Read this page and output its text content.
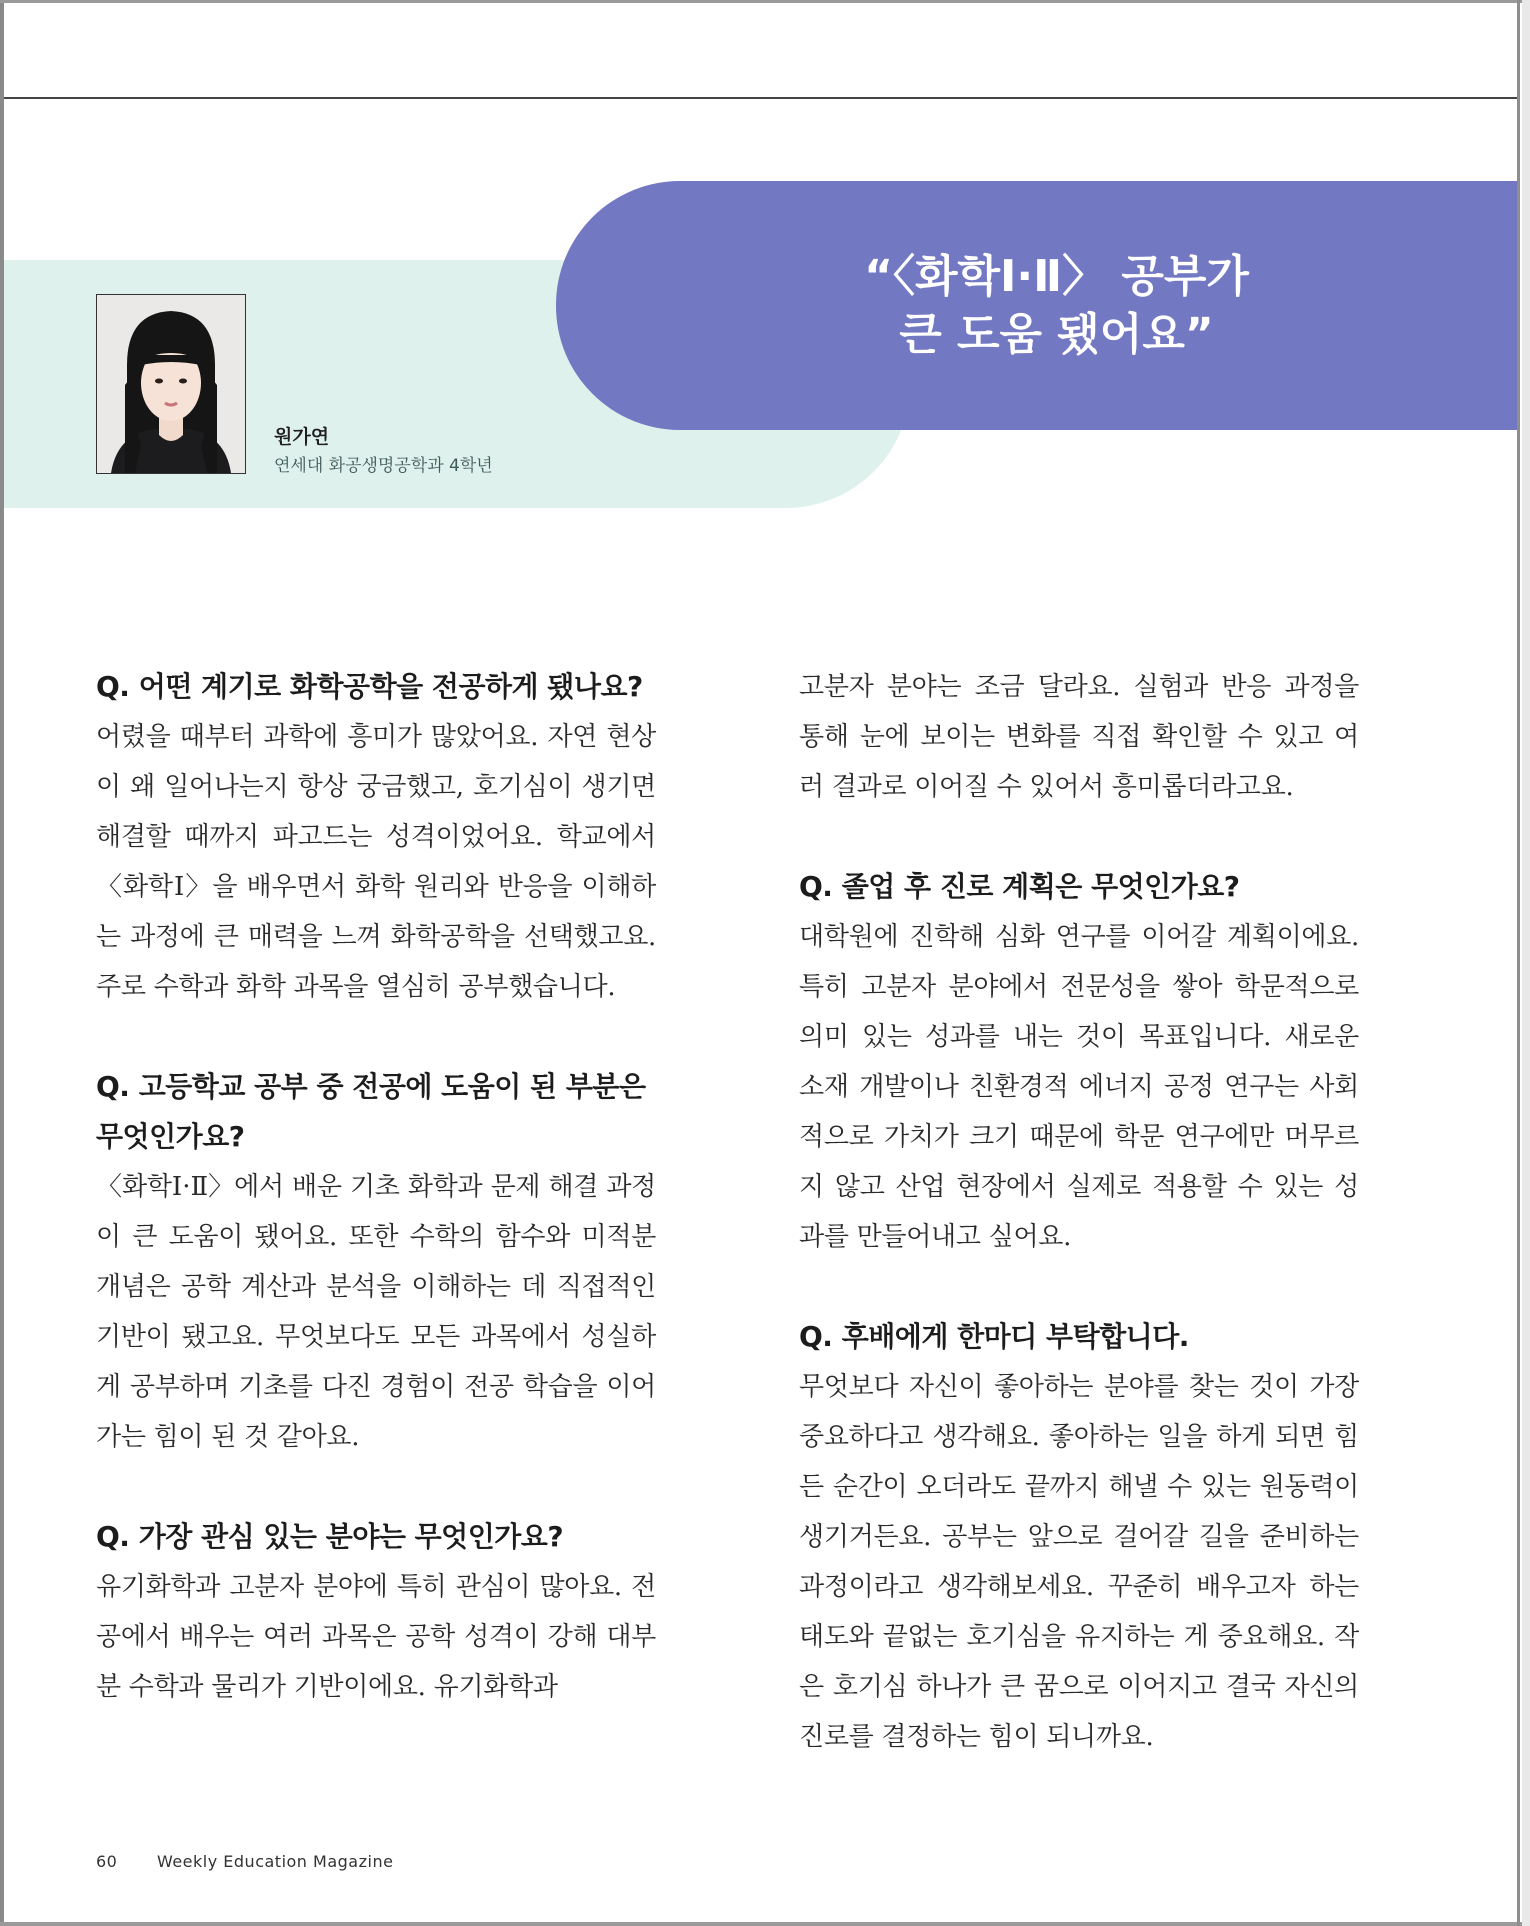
“〈화학Ⅰ·Ⅱ〉 공부가
큰 도움 됐어요”
원가연
연세대 화공생명공학과 4학년
Q. 어떤 계기로 화학공학을 전공하게 됐나요?

어렸을 때부터 과학에 흥미가 많았어요. 자연 현상이 왜 일어나는지 항상 궁금했고, 호기심이 생기면 해결할 때까지 파고드는 성격이었어요. 학교에서 〈화학Ⅰ〉을 배우면서 화학 원리와 반응을 이해하는 과정에 큰 매력을 느껴 화학공학을 선택했고요. 주로 수학과 화학 과목을 열심히 공부했습니다.

Q. 고등학교 공부 중 전공에 도움이 된 부분은 무엇인가요?

〈화학Ⅰ·Ⅱ〉에서 배운 기초 화학과 문제 해결 과정이 큰 도움이 됐어요. 또한 수학의 함수와 미적분 개념은 공학 계산과 분석을 이해하는 데 직접적인 기반이 됐고요. 무엇보다도 모든 과목에서 성실하게 공부하며 기초를 다진 경험이 전공 학습을 이어가는 힘이 된 것 같아요.

Q. 가장 관심 있는 분야는 무엇인가요?

유기화학과 고분자 분야에 특히 관심이 많아요. 전공에서 배우는 여러 과목은 공학 성격이 강해 대부분 수학과 물리가 기반이에요. 유기화학과

고분자 분야는 조금 달라요. 실험과 반응 과정을 통해 눈에 보이는 변화를 직접 확인할 수 있고 여러 결과로 이어질 수 있어서 흥미롭더라고요.

Q. 졸업 후 진로 계획은 무엇인가요?

대학원에 진학해 심화 연구를 이어갈 계획이에요. 특히 고분자 분야에서 전문성을 쌓아 학문적으로 의미 있는 성과를 내는 것이 목표입니다. 새로운 소재 개발이나 친환경적 에너지 공정 연구는 사회적으로 가치가 크기 때문에 학문 연구에만 머무르지 않고 산업 현장에서 실제로 적용할 수 있는 성과를 만들어내고 싶어요.

Q. 후배에게 한마디 부탁합니다.

무엇보다 자신이 좋아하는 분야를 찾는 것이 가장 중요하다고 생각해요. 좋아하는 일을 하게 되면 힘든 순간이 오더라도 끝까지 해낼 수 있는 원동력이 생기거든요. 공부는 앞으로 걸어갈 길을 준비하는 과정이라고 생각해보세요. 꾸준히 배우고자 하는 태도와 끝없는 호기심을 유지하는 게 중요해요. 작은 호기심 하나가 큰 꿈으로 이어지고 결국 자신의 진로를 결정하는 힘이 되니까요.

60 Weekly Education Magazine
